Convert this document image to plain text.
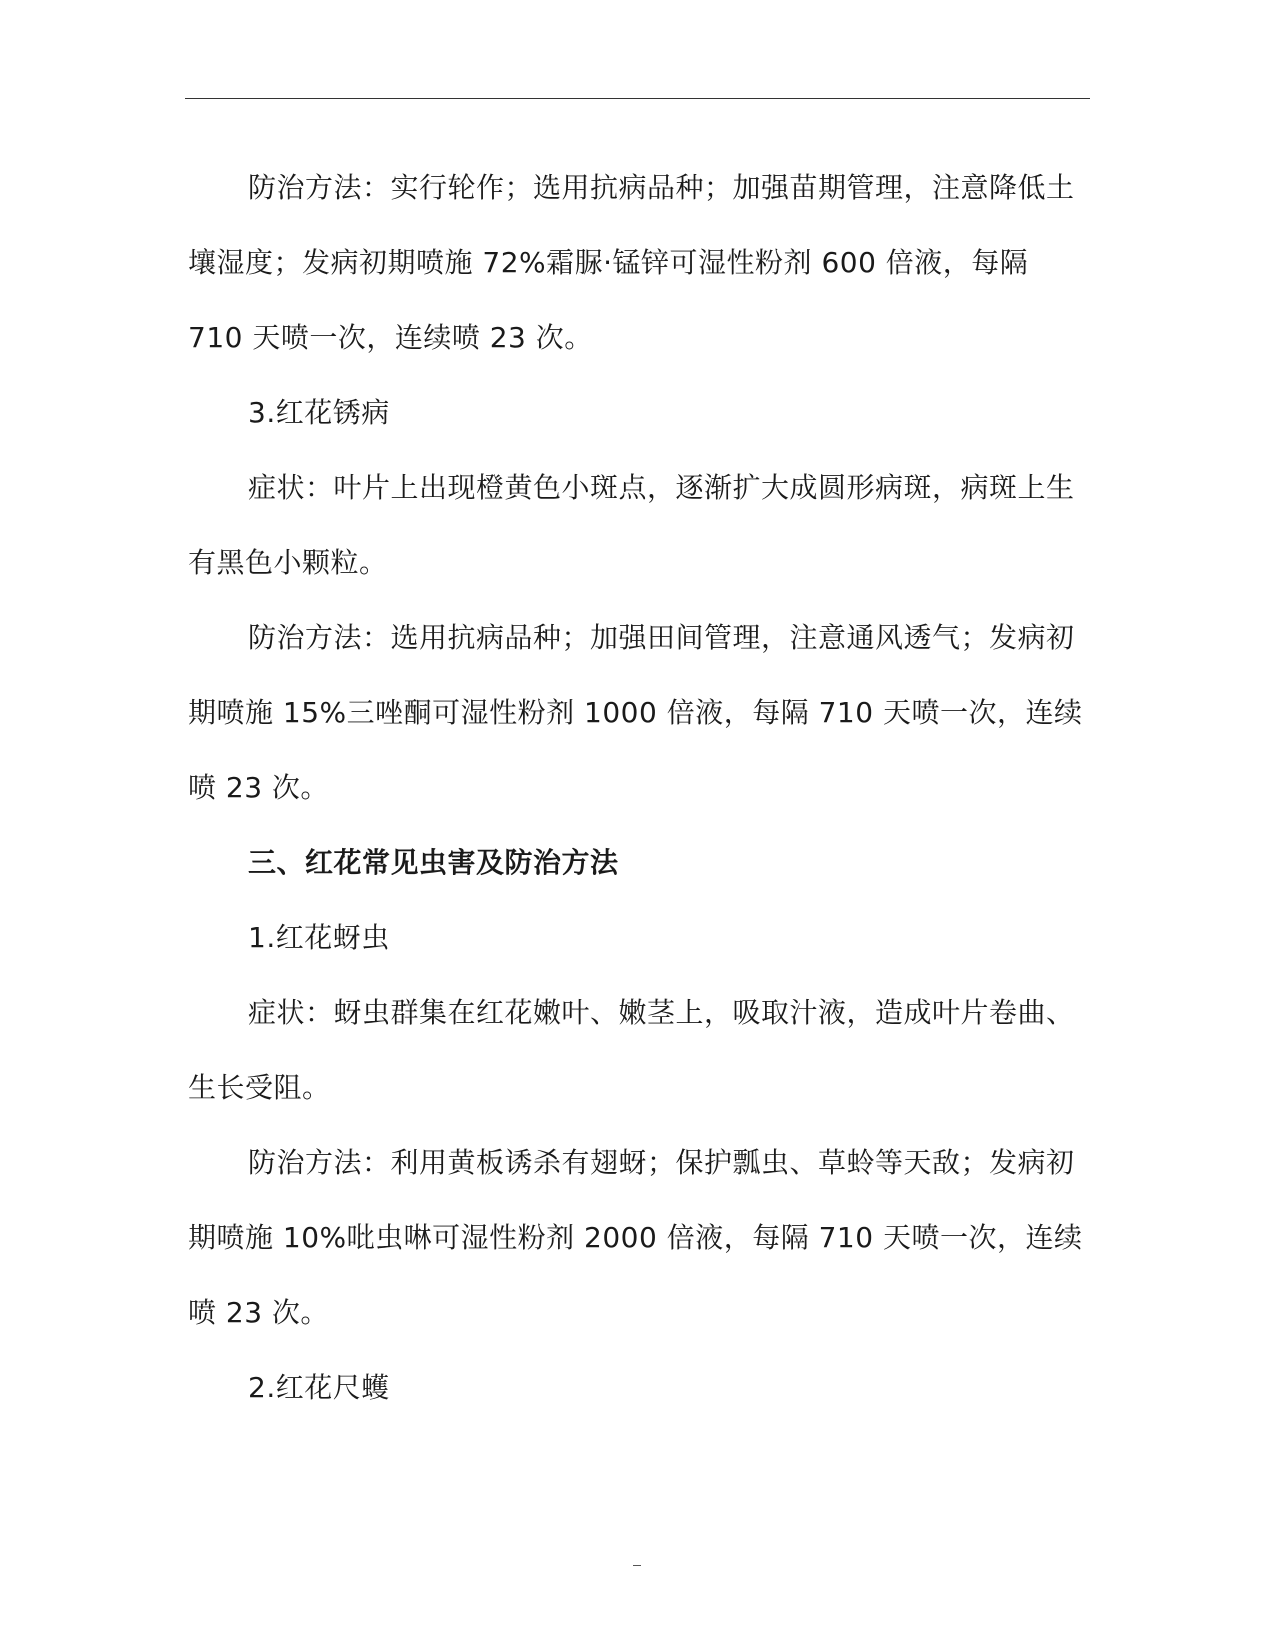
防治方法：实行轮作；选用抗病品种；加强苗期管理，注意降低土壤湿度；发病初期喷施 72%霜脲·锰锌可湿性粉剂 600 倍液，每隔 710 天喷一次，连续喷 23 次。

3.红花锈病

症状：叶片上出现橙黄色小斑点，逐渐扩大成圆形病斑，病斑上生有黑色小颗粒。

防治方法：选用抗病品种；加强田间管理，注意通风透气；发病初期喷施 15%三唑酮可湿性粉剂 1000 倍液，每隔 710 天喷一次，连续喷 23 次。

三、红花常见虫害及防治方法

1.红花蚜虫

症状：蚜虫群集在红花嫩叶、嫩茎上，吸取汁液，造成叶片卷曲、生长受阻。

防治方法：利用黄板诱杀有翅蚜；保护瓢虫、草蛉等天敌；发病初期喷施 10%吡虫啉可湿性粉剂 2000 倍液，每隔 710 天喷一次，连续喷 23 次。

2.红花尺蠖
